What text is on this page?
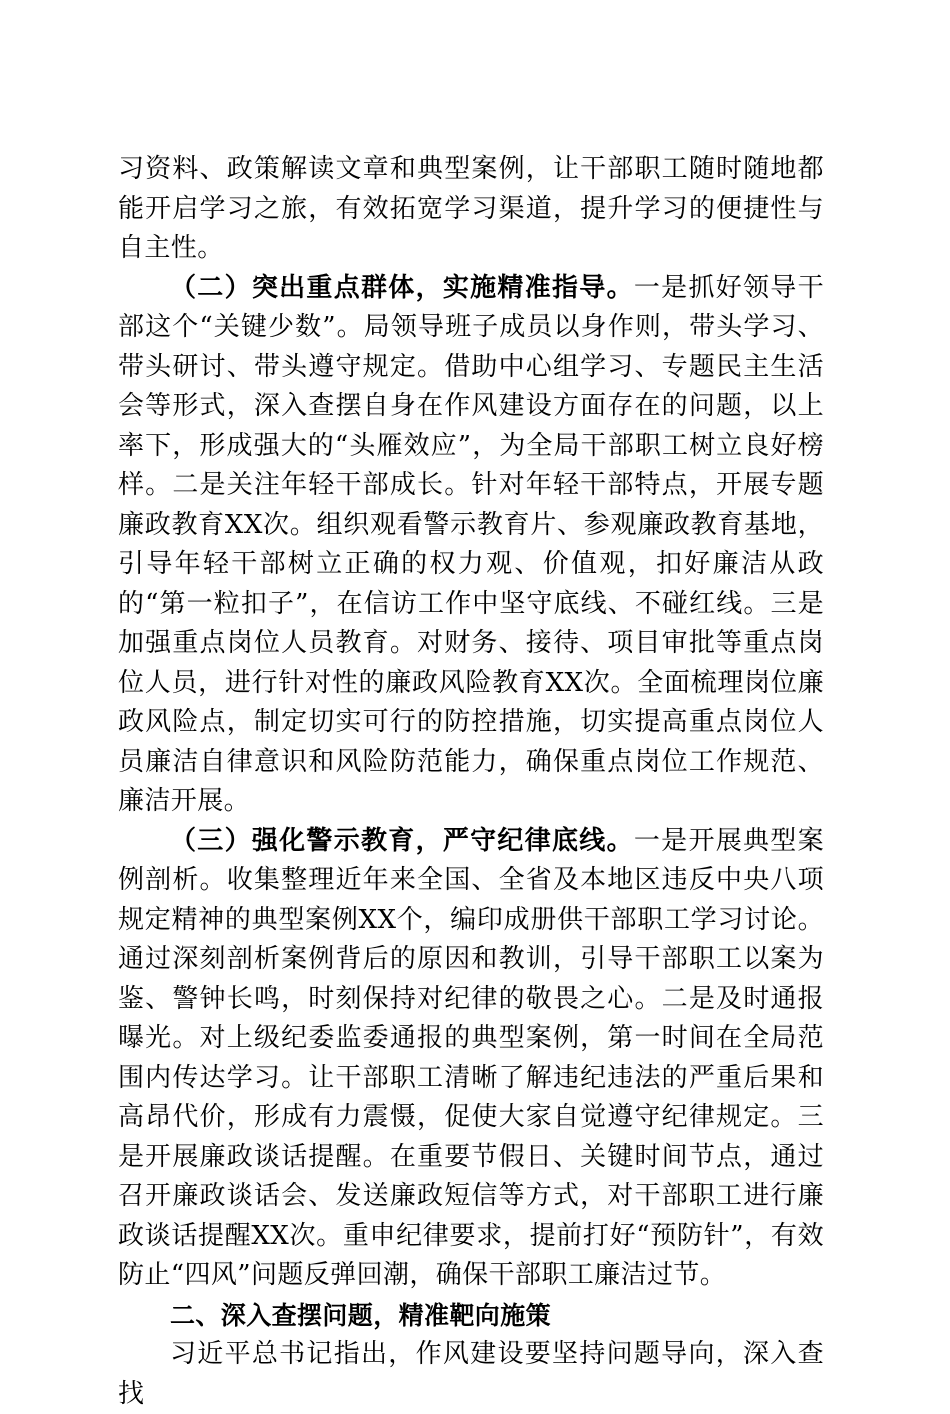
习资料、政策解读文章和典型案例，让干部职工随时随地都能开启学习之旅，有效拓宽学习渠道，提升学习的便捷性与自主性。

（二）突出重点群体，实施精准指导。一是抓好领导干部这个“关键少数”。局领导班子成员以身作则，带头学习、带头研讨、带头遵守规定。借助中心组学习、专题民主生活会等形式，深入查摆自身在作风建设方面存在的问题，以上率下，形成强大的“头雁效应”，为全局干部职工树立良好榜样。二是关注年轻干部成长。针对年轻干部特点，开展专题廉政教育XX次。组织观看警示教育片、参观廉政教育基地，引导年轻干部树立正确的权力观、价值观，扣好廉洁从政的“第一粒扣子”，在信访工作中坚守底线、不碰红线。三是加强重点岗位人员教育。对财务、接待、项目审批等重点岗位人员，进行针对性的廉政风险教育XX次。全面梳理岗位廉政风险点，制定切实可行的防控措施，切实提高重点岗位人员廉洁自律意识和风险防范能力，确保重点岗位工作规范、廉洁开展。

（三）强化警示教育，严守纪律底线。一是开展典型案例剖析。收集整理近年来全国、全省及本地区违反中央八项规定精神的典型案例XX个，编印成册供干部职工学习讨论。通过深刻剖析案例背后的原因和教训，引导干部职工以案为鉴、警钟长鸣，时刻保持对纪律的敬畏之心。二是及时通报曝光。对上级纪委监委通报的典型案例，第一时间在全局范围内传达学习。让干部职工清晰了解违纪违法的严重后果和高昂代价，形成有力震慑，促使大家自觉遵守纪律规定。三是开展廉政谈话提醒。在重要节假日、关键时间节点，通过召开廉政谈话会、发送廉政短信等方式，对干部职工进行廉政谈话提醒XX次。重申纪律要求，提前打好“预防针”，有效防止“四风”问题反弹回潮，确保干部职工廉洁过节。

二、深入查摆问题，精准靶向施策

习近平总书记指出，作风建设要坚持问题导向，深入查找
